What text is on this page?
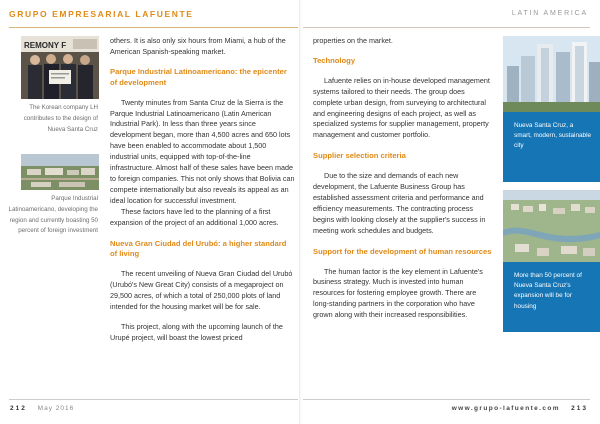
GRUPO EMPRESARIAL LAFUENTE	LATIN AMERICA
REMONY F
The Korean company LH contributes to the design of Nueva Santa Cruz
Parque Industrial Latinoamericano, developing the region and currently boasting 50 percent of foreign investment

others. It is also only six hours from Miami, a hub of the American Spanish-speaking market.

Parque Industrial Latinoamericano: the epicenter of development

Twenty minutes from Santa Cruz de la Sierra is the Parque Industrial Latinoamericano (Latin American Industrial Park). In less than three years since development began, more than 4,500 acres and 650 lots have been enabled to accommodate about 1,500 industrial units, equipped with top-of-the-line infrastructure. Almost half of these sales have been made to foreign companies. This not only shows that Bolivia can compete internationally but also reveals its appeal as an ideal location for successful investment.

These factors have led to the planning of a first expansion of the project of an additional 1,000 acres.

Nueva Gran Ciudad del Urubó: a higher standard of living

The recent unveiling of Nueva Gran Ciudad del Urubó (Urubó's New Great City) consists of a megaproject on 29,500 acres, of which a total of 250,000 plots of land intended for the housing market will be for sale.

This project, along with the upcoming launch of the Urupé project, will boast the lowest priced

properties on the market.

Technology

Lafuente relies on in-house developed management systems tailored to their needs. The group does complete urban design, from surveying to architectural and engineering designs of each project, as well as specialized systems for supplier management, property management and customer portfolio.

Supplier selection criteria

Due to the size and demands of each new development, the Lafuente Business Group has established assessment criteria and performance and efficiency measurements. The contracting process begins with looking closely at the supplier's success in meeting work schedules and budgets.

Support for the development of human resources

The human factor is the key element in Lafuente's business strategy. Much is invested into human resources for fostering employee growth. There are long-standing partners in the corporation who have grown along with their increased responsibilities.

Nueva Santa Cruz, a smart, modern, sustainable city
More than 50 percent of Nueva Santa Cruz's expansion will be for housing
212 May 2016	www.grupo-lafuente.com 213
